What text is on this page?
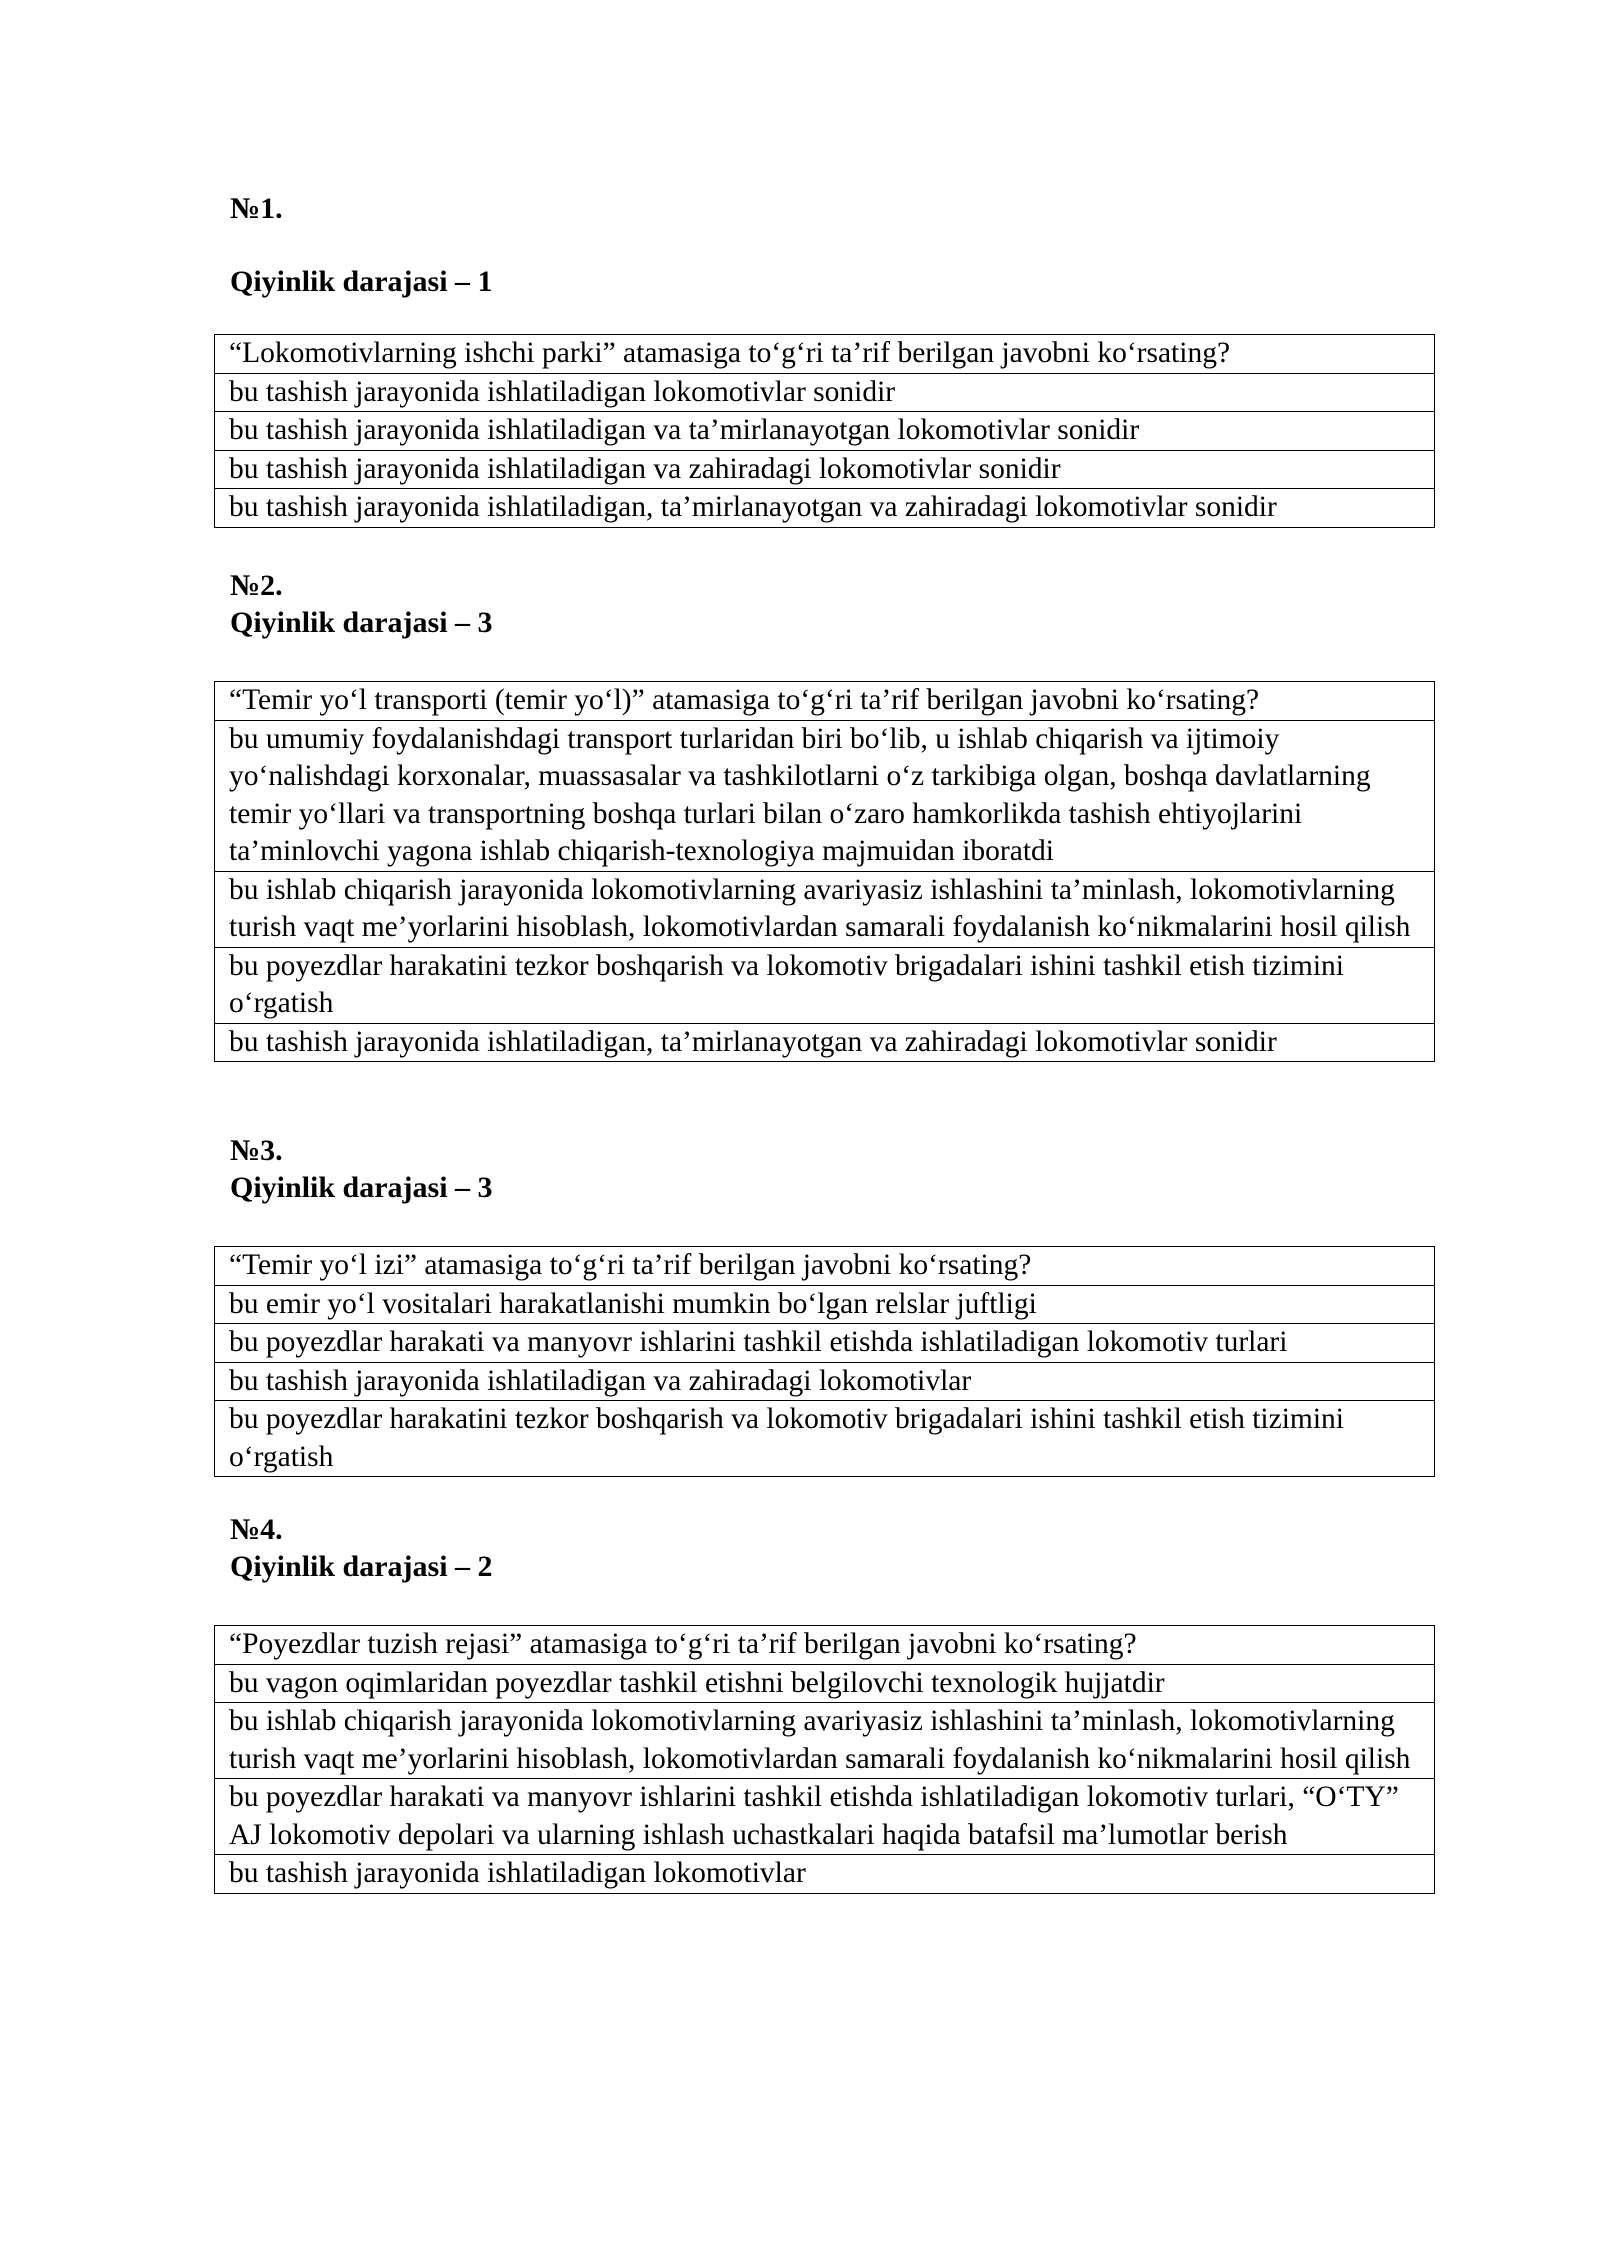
№1.
Qiyinlik darajasi – 1
“Lokomotivlarning ishchi parki” atamasiga to‘g‘ri ta’rif berilgan javobni ko‘rsating?
bu tashish jarayonida ishlatiladigan lokomotivlar sonidir
bu tashish jarayonida ishlatiladigan va ta’mirlanayotgan lokomotivlar sonidir
bu tashish jarayonida ishlatiladigan va zahiradagi lokomotivlar sonidir
bu tashish jarayonida ishlatiladigan, ta’mirlanayotgan va zahiradagi lokomotivlar sonidir
№2.
Qiyinlik darajasi – 3
“Temir yo‘l transporti (temir yo‘l)” atamasiga to‘g‘ri ta’rif berilgan javobni ko‘rsating?
bu umumiy foydalanishdagi transport turlaridan biri bo‘lib, u ishlab chiqarish va ijtimoiy yo‘nalishdagi korxonalar, muassasalar va tashkilotlarni o‘z tarkibiga olgan, boshqa davlatlarning temir yo‘llari va transportning boshqa turlari bilan o‘zaro hamkorlikda tashish ehtiyojlarini ta’minlovchi yagona ishlab chiqarish-texnologiya majmuidan iboratdi
bu ishlab chiqarish jarayonida lokomotivlarning avariyasiz ishlashini ta’minlash, lokomotivlarning turish vaqt me’yorlarini hisoblash, lokomotivlardan samarali foydalanish ko‘nikmalarini hosil qilish
bu poyezdlar harakatini tezkor boshqarish va lokomotiv brigadalari ishini tashkil etish tizimini o‘rgatish
bu tashish jarayonida ishlatiladigan, ta’mirlanayotgan va zahiradagi lokomotivlar sonidir
№3.
Qiyinlik darajasi – 3
“Temir yo‘l izi” atamasiga to‘g‘ri ta’rif berilgan javobni ko‘rsating?
bu emir yo‘l vositalari harakatlanishi mumkin bo‘lgan relslar juftligi
bu poyezdlar harakati va manyovr ishlarini tashkil etishda ishlatiladigan lokomotiv turlari
bu tashish jarayonida ishlatiladigan va zahiradagi lokomotivlar
bu poyezdlar harakatini tezkor boshqarish va lokomotiv brigadalari ishini tashkil etish tizimini o‘rgatish
№4.
Qiyinlik darajasi – 2
“Poyezdlar tuzish rejasi” atamasiga to‘g‘ri ta’rif berilgan javobni ko‘rsating?
bu vagon oqimlaridan poyezdlar tashkil etishni belgilovchi texnologik hujjatdir
bu ishlab chiqarish jarayonida lokomotivlarning avariyasiz ishlashini ta’minlash, lokomotivlarning turish vaqt me’yorlarini hisoblash, lokomotivlardan samarali foydalanish ko‘nikmalarini hosil qilish
bu poyezdlar harakati va manyovr ishlarini tashkil etishda ishlatiladigan lokomotiv turlari, “O‘TY” AJ lokomotiv depolari va ularning ishlash uchastkalari haqida batafsil ma’lumotlar berish
bu tashish jarayonida ishlatiladigan lokomotivlar
